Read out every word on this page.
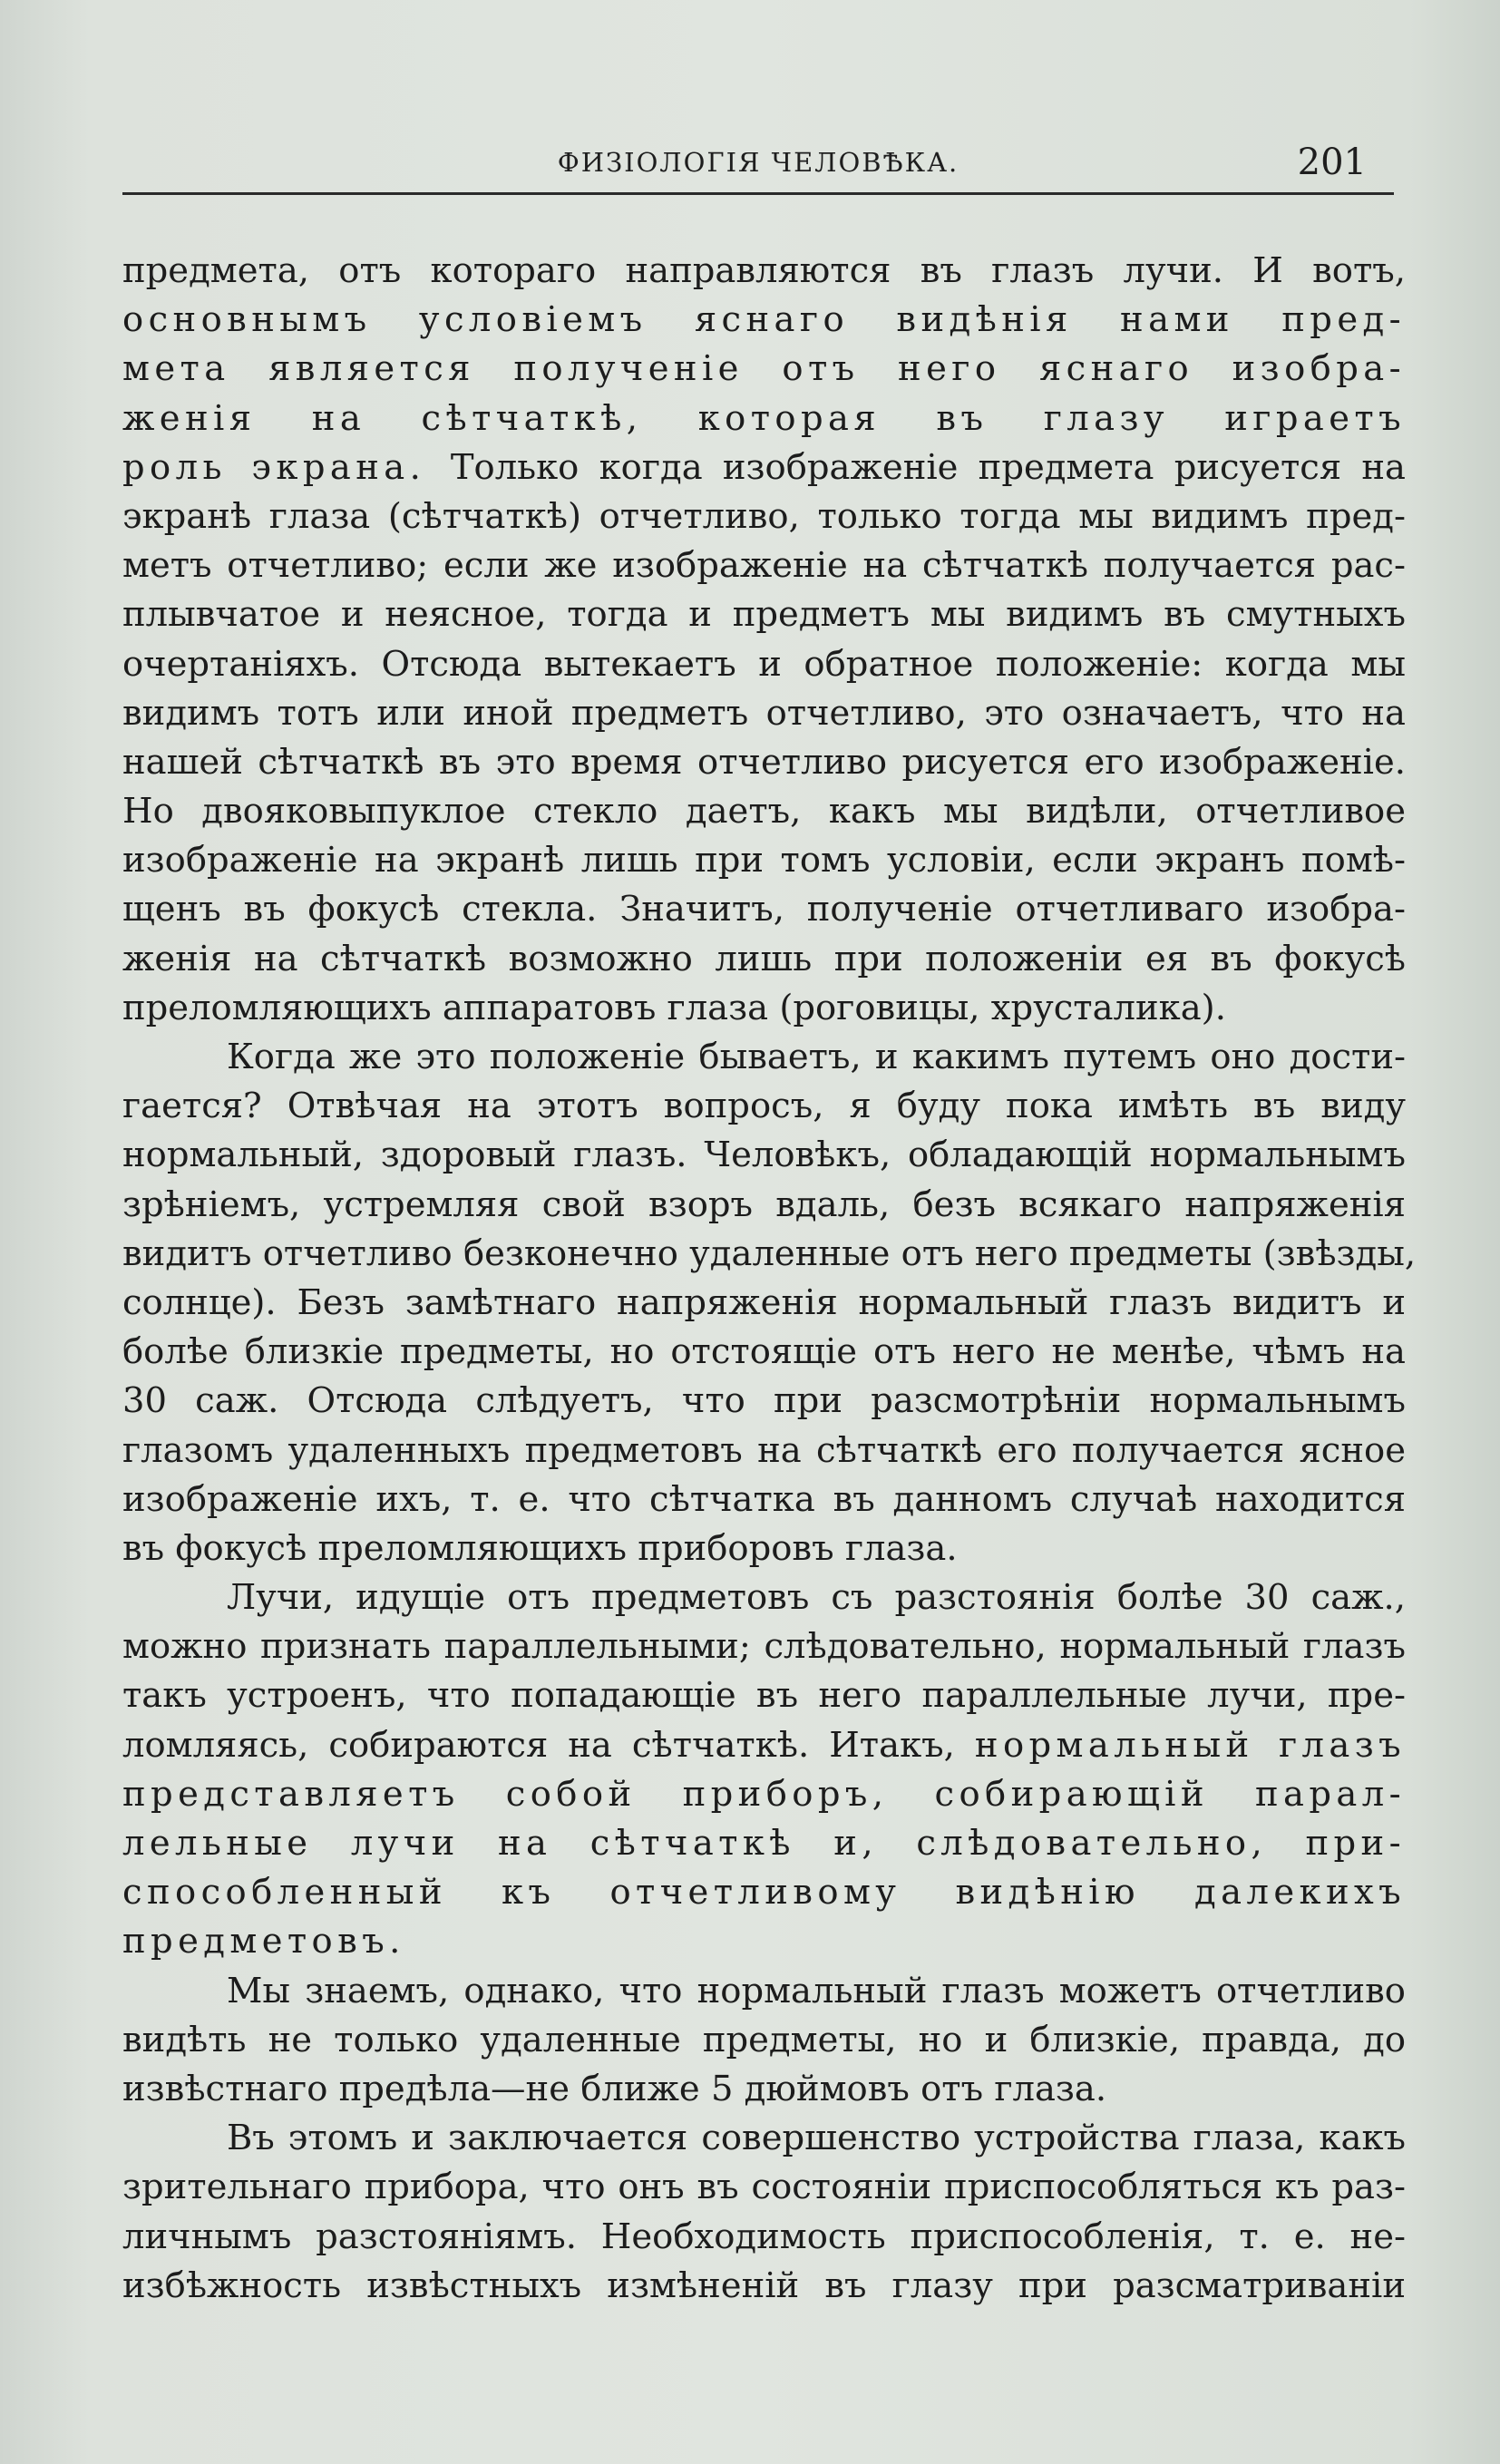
ФИЗІОЛОГІЯ ЧЕЛОВѢКА.	201

предмета, отъ котораго направляются въ глазъ лучи. И вотъ,
основнымъ условіемъ яснаго видѣнія нами пред-
мета является полученіе отъ него яснаго изобра-
женія на сѣтчаткѣ, которая въ глазу играетъ
роль экрана. Только когда изображеніе предмета рисуется на
экранѣ глаза (сѣтчаткѣ) отчетливо, только тогда мы видимъ пред-
метъ отчетливо; если же изображеніе на сѣтчаткѣ получается рас-
плывчатое и неясное, тогда и предметъ мы видимъ въ смутныхъ
очертаніяхъ. Отсюда вытекаетъ и обратное положеніе: когда мы
видимъ тотъ или иной предметъ отчетливо, это означаетъ, что на
нашей сѣтчаткѣ въ это время отчетливо рисуется его изображеніе.
Но двояковыпуклое стекло даетъ, какъ мы видѣли, отчетливое
изображеніе на экранѣ лишь при томъ условіи, если экранъ помѣ-
щенъ въ фокусѣ стекла. Значитъ, полученіе отчетливаго изобра-
женія на сѣтчаткѣ возможно лишь при положеніи ея въ фокусѣ
преломляющихъ аппаратовъ глаза (роговицы, хрусталика).

Когда же это положеніе бываетъ, и какимъ путемъ оно дости-
гается? Отвѣчая на этотъ вопросъ, я буду пока имѣть въ виду
нормальный, здоровый глазъ. Человѣкъ, обладающій нормальнымъ
зрѣніемъ, устремляя свой взоръ вдаль, безъ всякаго напряженія
видитъ отчетливо безконечно удаленные отъ него предметы (звѣзды,
солнце). Безъ замѣтнаго напряженія нормальный глазъ видитъ и
болѣе близкіе предметы, но отстоящіе отъ него не менѣе, чѣмъ на
30 саж. Отсюда слѣдуетъ, что при разсмотрѣніи нормальнымъ
глазомъ удаленныхъ предметовъ на сѣтчаткѣ его получается ясное
изображеніе ихъ, т. е. что сѣтчатка въ данномъ случаѣ находится
въ фокусѣ преломляющихъ приборовъ глаза.

Лучи, идущіе отъ предметовъ съ разстоянія болѣе 30 саж.,
можно признать параллельными; слѣдовательно, нормальный глазъ
такъ устроенъ, что попадающіе въ него параллельные лучи, пре-
ломляясь, собираются на сѣтчаткѣ. Итакъ, нормальный глазъ
представляетъ собой приборъ, собирающій парал-
лельные лучи на сѣтчаткѣ и, слѣдовательно, при-
способленный къ отчетливому видѣнію далекихъ
предметовъ.

Мы знаемъ, однако, что нормальный глазъ можетъ отчетливо
видѣть не только удаленные предметы, но и близкіе, правда, до
извѣстнаго предѣла—не ближе 5 дюймовъ отъ глаза.

Въ этомъ и заключается совершенство устройства глаза, какъ
зрительнаго прибора, что онъ въ состояніи приспособляться къ раз-
личнымъ разстояніямъ. Необходимость приспособленія, т. е. не-
избѣжность извѣстныхъ измѣненій въ глазу при разсматриваніи
